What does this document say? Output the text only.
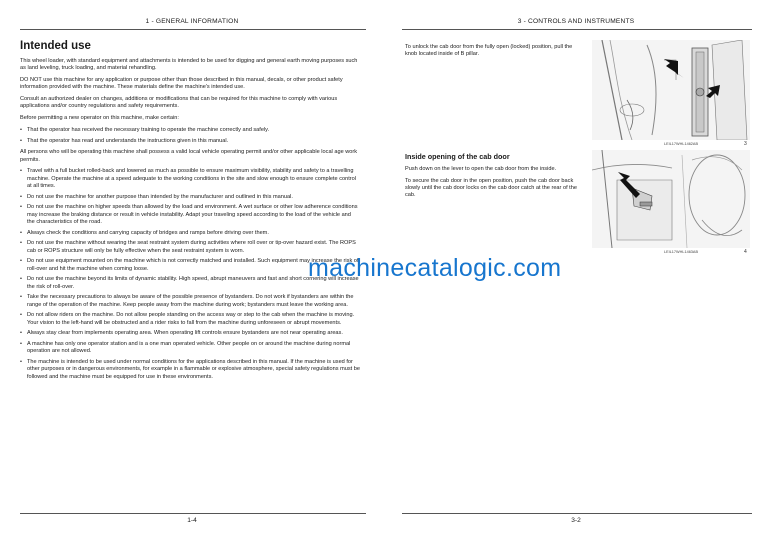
1 - GENERAL INFORMATION
Intended use

This wheel loader, with standard equipment and attachments is intended to be used for digging and general earth moving purposes such as land leveling, truck loading, and material rehandling.

DO NOT use this machine for any application or purpose other than those described in this manual, decals, or other product safety information provided with the machine. These materials define the machine's intended use.

Consult an authorized dealer on changes, additions or modifications that can be required for this machine to comply with various applications and/or country regulations and safety requirements.

Before permitting a new operator on this machine, make certain:

• That the operator has received the necessary training to operate the machine correctly and safely.
• That the operator has read and understands the instructions given in this manual.

All persons who will be operating this machine shall possess a valid local vehicle operating permit and/or other applicable local age work permits.

• Travel with a full bucket rolled-back and lowered as much as possible to ensure maximum visibility, stability and safety to a travelling machine. Operate the machine at a speed adequate to the working conditions in the site and slow enough to ensure complete control at all times.
• Do not use the machine for another purpose than intended by the manufacturer and outlined in this manual.
• Do not use the machine on higher speeds than allowed by the load and environment. A wet surface or other low adherence conditions may increase the braking distance or result in vehicle instability. Adapt your traveling speed according to the load of the vehicle and the characteristics of the road.
• Always check the conditions and carrying capacity of bridges and ramps before driving over them.
• Do not use the machine without wearing the seat restraint system during activities where roll over or tip-over hazard exist. The ROPS cab or ROPS structure will only be fully effective when the seat restraint system is worn.
• Do not use equipment mounted on the machine which is not correctly matched and installed. Such equipment may increase the risk of roll-over and hit the machine when coming loose.
• Do not use the machine beyond its limits of dynamic stability. High speed, abrupt maneuvers and fast and short cornering will increase the risk of roll-over.
• Take the necessary precautions to always be aware of the possible presence of bystanders. Do not work if bystanders are within the range of the operation of the machine. Keep people away from the machine during work; bystanders must leave the working area.
• Do not allow riders on the machine. Do not allow people standing on the access way or step to the cab when the machine is moving. Your vision to the left-hand will be obstructed and a rider risks to fall from the machine during unforeseen or abrupt movements.
• Always stay clear from implements operating area. When operating lift controls ensure bystanders are not near operating areas.
• A machine has only one operator station and is a one man operated vehicle. Other people on or around the machine during normal operation are not allowed.
• The machine is intended to be used under normal conditions for the applications described in this manual. If the machine is used for other purposes or in dangerous environments, for example in a flammable or explosive atmosphere, special safety regulations must be followed and the machine must be equipped for use in these environments.
1-4
3 - CONTROLS AND INSTRUMENTS

To unlock the cab door from the fully open (locked) position, pull the knob located inside of B pillar.

LEIL17WHL1462AB	3
Inside opening of the cab door

Push down on the lever to open the cab door from the inside.

To secure the cab door in the open position, push the cab door back slowly until the cab door locks on the cab door catch at the rear of the cab.

LEIL17WHL1463AB	4
3-2
machinecatalogic.com
